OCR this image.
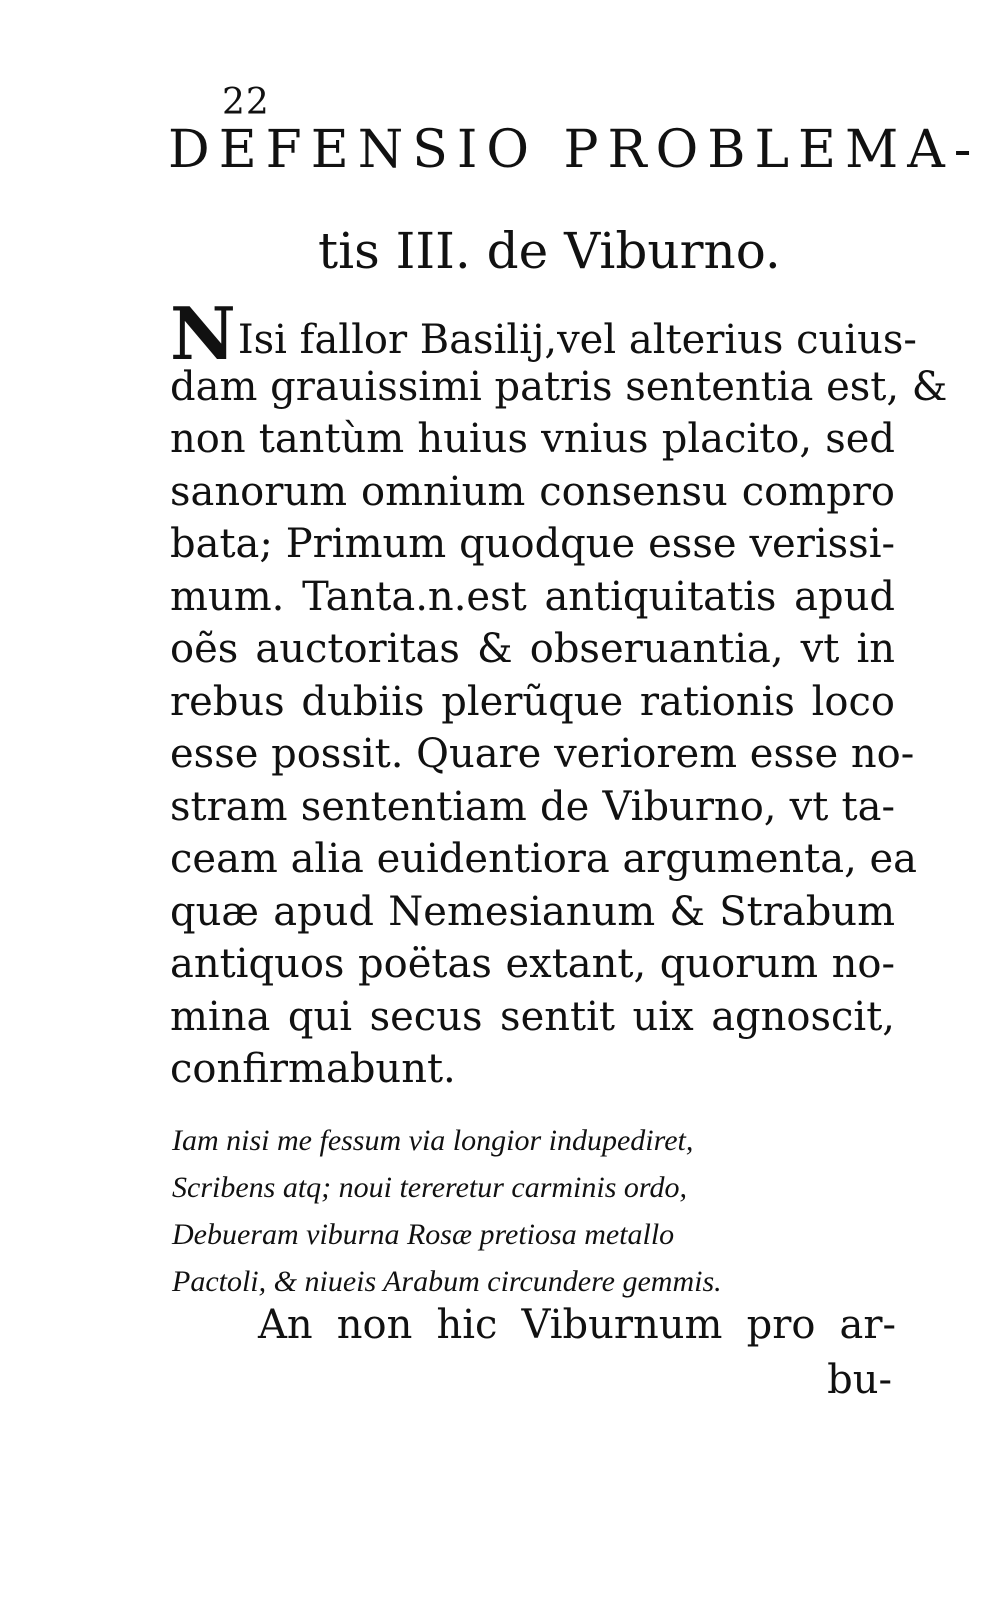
22
DEFENSIO PROBLEMA-
tis III. de Viburno.
NIsi fallor Basilij,vel alterius cuius-
dam grauissimi patris sententia est, &
non tantùm huius vnius placito, sed
sanorum omnium consensu compro
bata; Primum quodque esse verissi-
mum. Tanta.n.est antiquitatis apud
oẽs auctoritas & obseruantia, vt in
rebus dubiis plerũque rationis loco
esse possit. Quare veriorem esse no-
stram sententiam de Viburno, vt ta-
ceam alia euidentiora argumenta, ea
quæ apud Nemesianum & Strabum
antiquos poëtas extant, quorum no-
mina qui secus sentit uix agnoscit,
confirmabunt.
Iam nisi me fessum via longior indupediret,
Scribens atq; noui tereretur carminis ordo,
Debueram viburna Rosæ pretiosa metallo
Pactoli, & niueis Arabum circundere gemmis.
An non hic Viburnum pro ar-
bu-
